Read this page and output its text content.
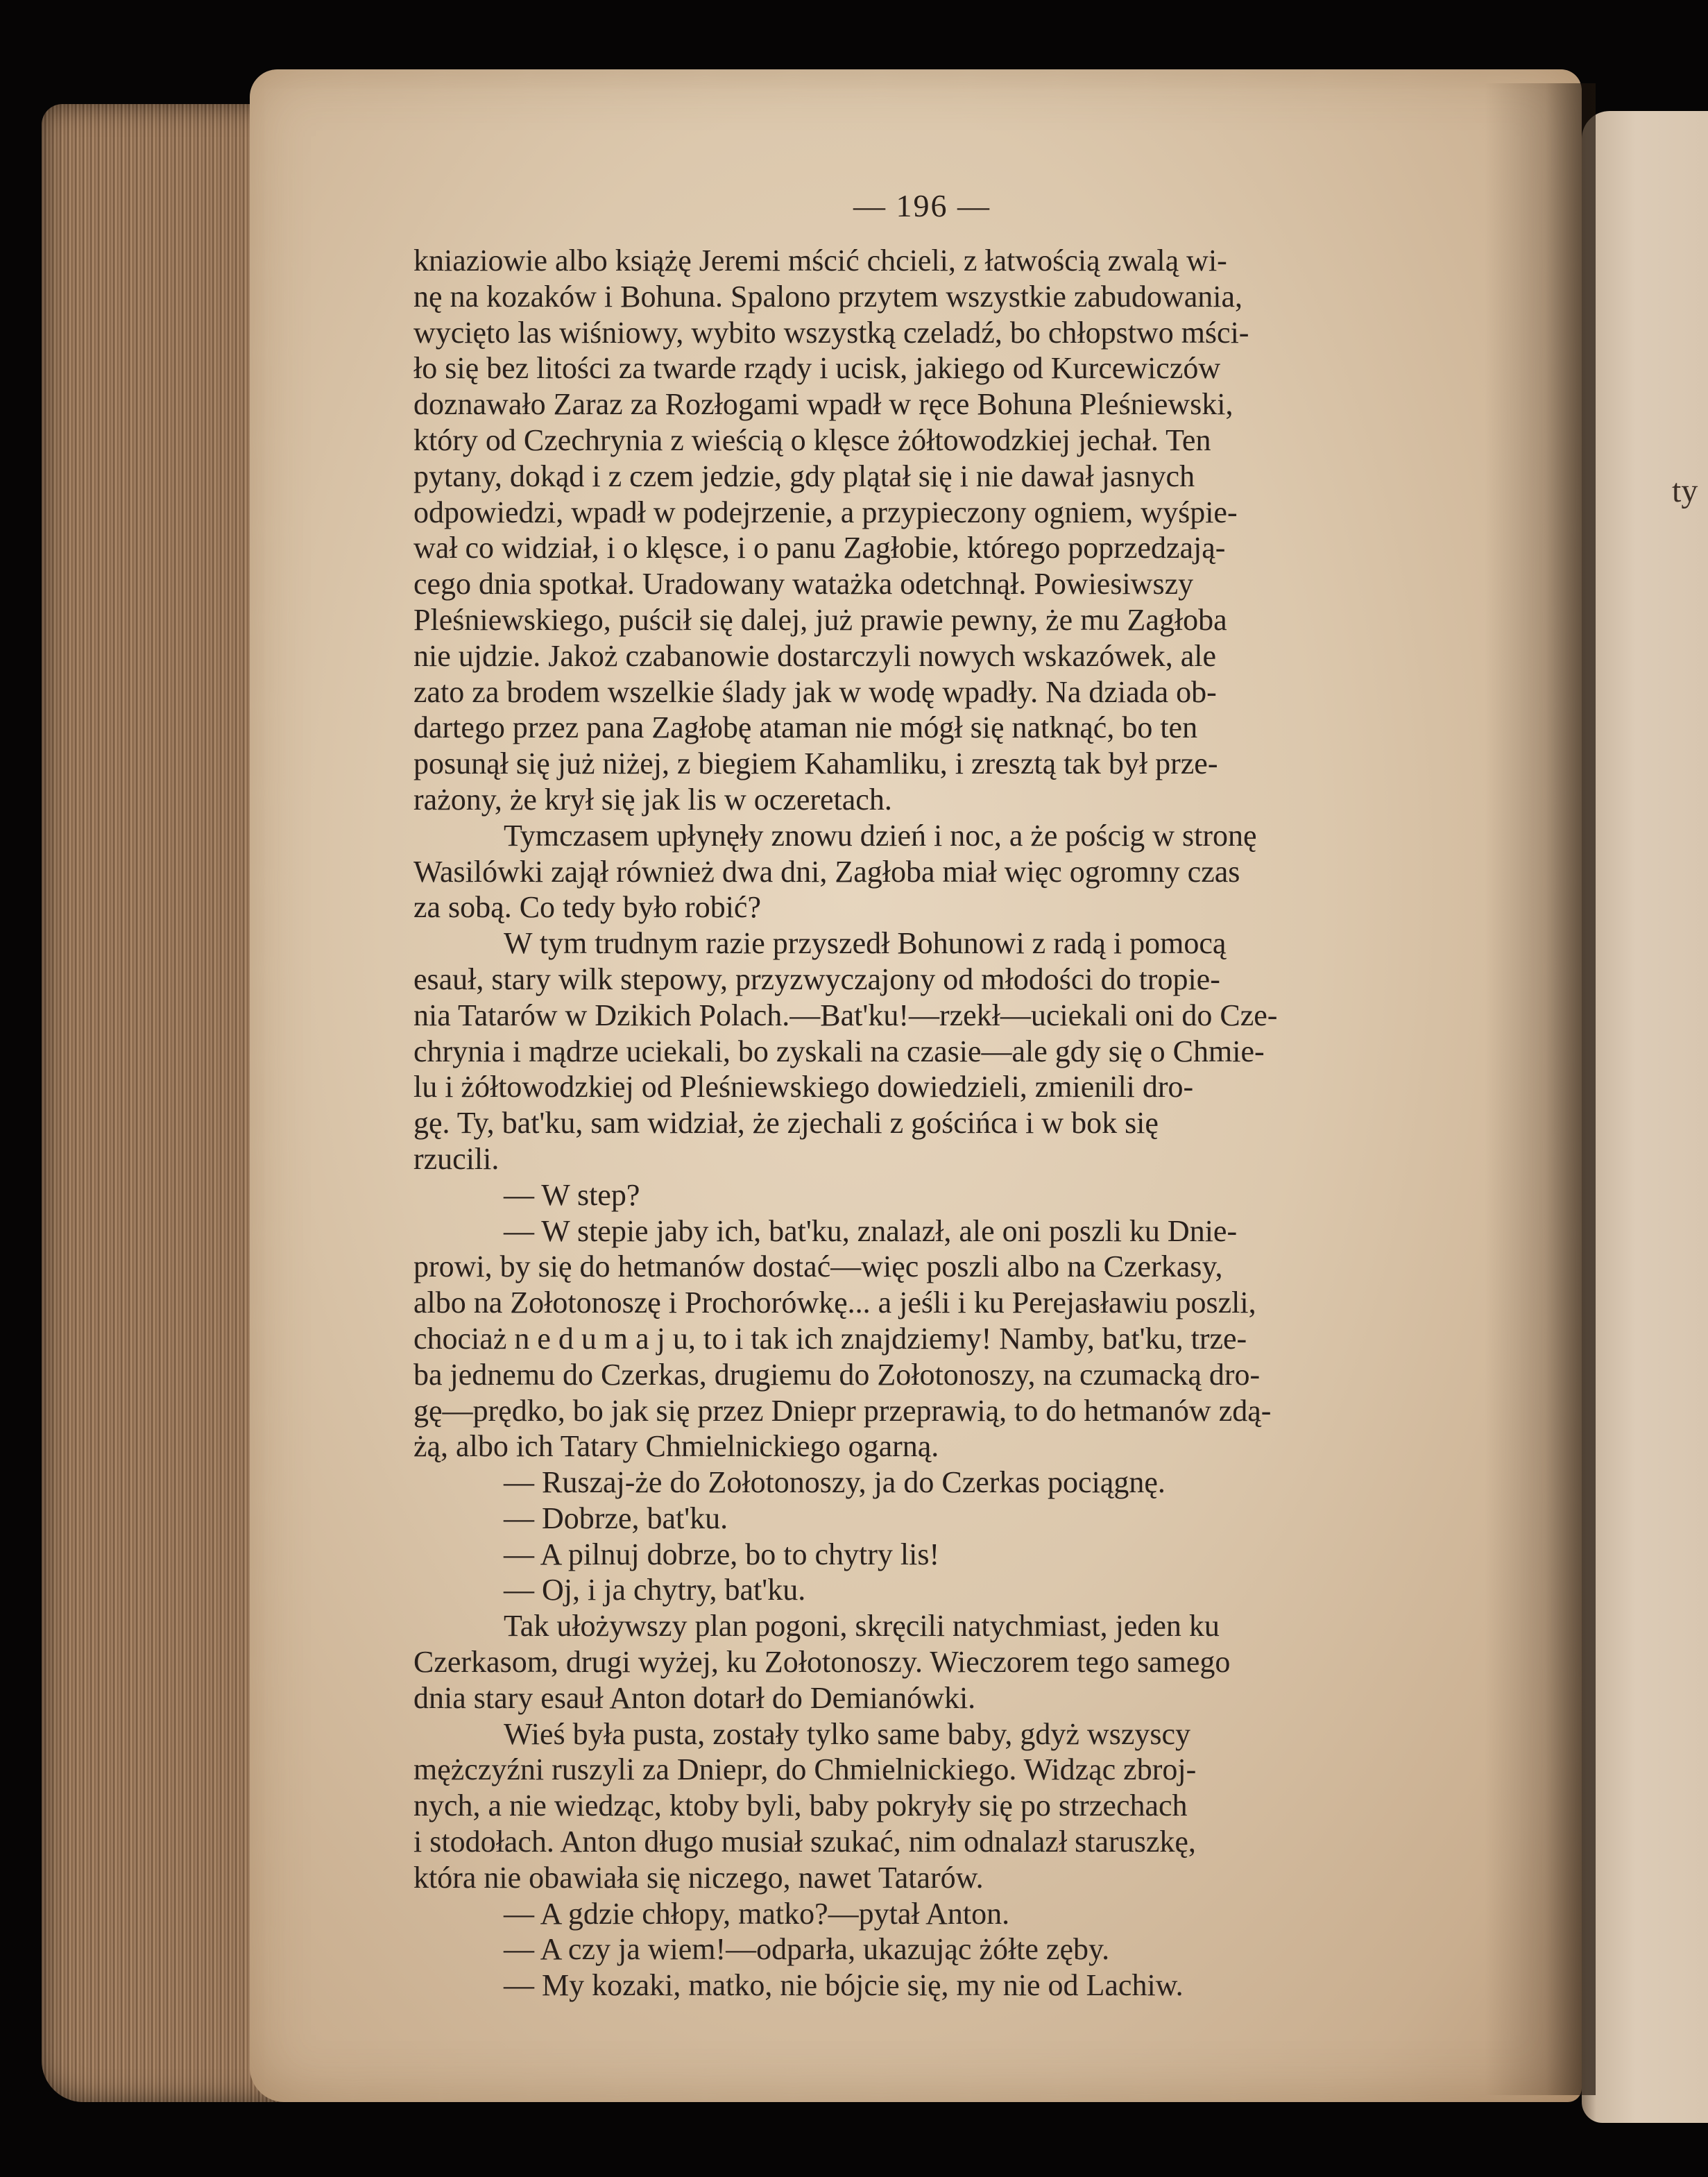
ty
— 196 —
kniaziowie albo książę Jeremi mścić chcieli, z łatwością zwalą wi-
nę na kozaków i Bohuna. Spalono przytem wszystkie zabudowania,
wycięto las wiśniowy, wybito wszystką czeladź, bo chłopstwo mści-
ło się bez litości za twarde rządy i ucisk, jakiego od Kurcewiczów
doznawało Zaraz za Rozłogami wpadł w ręce Bohuna Pleśniewski,
który od Czechrynia z wieścią o klęsce żółtowodzkiej jechał. Ten
pytany, dokąd i z czem jedzie, gdy plątał się i nie dawał jasnych
odpowiedzi, wpadł w podejrzenie, a przypieczony ogniem, wyśpie-
wał co widział, i o klęsce, i o panu Zagłobie, którego poprzedzają-
cego dnia spotkał. Uradowany watażka odetchnął. Powiesiwszy
Pleśniewskiego, puścił się dalej, już prawie pewny, że mu Zagłoba
nie ujdzie. Jakoż czabanowie dostarczyli nowych wskazówek, ale
zato za brodem wszelkie ślady jak w wodę wpadły. Na dziada ob-
dartego przez pana Zagłobę ataman nie mógł się natknąć, bo ten
posunął się już niżej, z biegiem Kahamliku, i zresztą tak był prze-
rażony, że krył się jak lis w oczeretach.
Tymczasem upłynęły znowu dzień i noc, a że pościg w stronę
Wasilówki zajął również dwa dni, Zagłoba miał więc ogromny czas
za sobą. Co tedy było robić?
W tym trudnym razie przyszedł Bohunowi z radą i pomocą
esauł, stary wilk stepowy, przyzwyczajony od młodości do tropie-
nia Tatarów w Dzikich Polach.—Bat'ku!—rzekł—uciekali oni do Czе-
chrynia i mądrze uciekali, bo zyskali na czasie—ale gdy się o Chmie-
lu i żółtowodzkiej od Pleśniewskiego dowiedzieli, zmienili dro-
gę. Ty, bat'ku, sam widział, że zjechali z gościńca i w bok się
rzucili.
— W step?
— W stepie jaby ich, bat'ku, znalazł, ale oni poszli ku Dnie-
prowi, by się do hetmanów dostać—więc poszli albo na Czerkasy,
albo na Zołotonoszę i Prochorówkę... a jeśli i ku Perejasławiu poszli,
chociaż n e d u m a j u, to i tak ich znajdziemy! Namby, bat'ku, trze-
ba jednemu do Czerkas, drugiemu do Zołotonoszy, na czumacką dro-
gę—prędko, bo jak się przez Dniepr przeprawią, to do hetmanów zdą-
żą, albo ich Tatary Chmielnickiego ogarną.
— Ruszaj-że do Zołotonoszy, ja do Czerkas pociągnę.
— Dobrze, bat'ku.
— A pilnuj dobrze, bo to chytry lis!
— Oj, i ja chytry, bat'ku.
Tak ułożywszy plan pogoni, skręcili natychmiast, jeden ku
Czerkasom, drugi wyżej, ku Zołotonoszy. Wieczorem tego samego
dnia stary esauł Anton dotarł do Demianówki.
Wieś była pusta, zostały tylko same baby, gdyż wszyscy
mężczyźni ruszyli za Dniepr, do Chmielnickiego. Widząc zbroj-
nych, a nie wiedząc, ktoby byli, baby pokryły się po strzechach
i stodołach. Anton długo musiał szukać, nim odnalazł staruszkę,
która nie obawiała się niczego, nawet Tatarów.
— A gdzie chłopy, matko?—pytał Anton.
— A czy ja wiem!—odparła, ukazując żółte zęby.
— My kozaki, matko, nie bójcie się, my nie od Lachiw.
